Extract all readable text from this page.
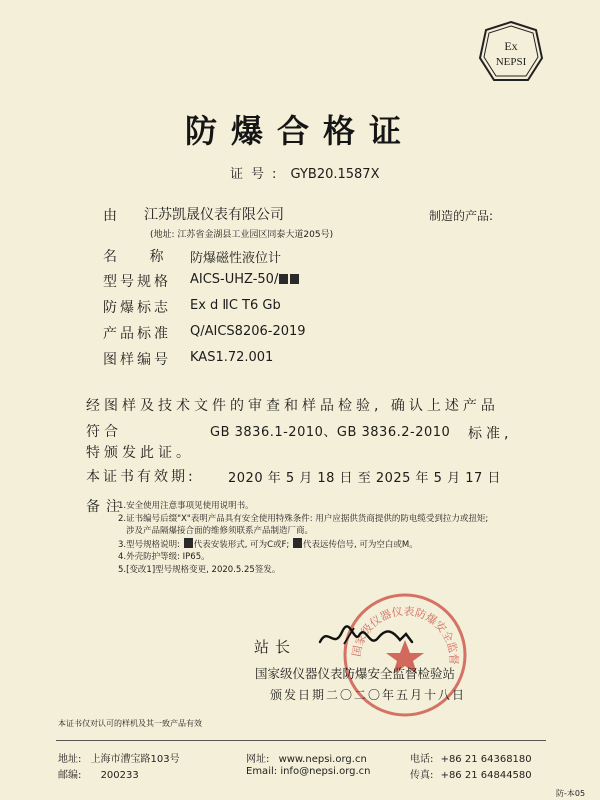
Ex
NEPSI
防爆合格证
证号: GYB20.1587X
由 江苏凯晟仪表有限公司	制造的产品:
(地址: 江苏省金湖县工业园区同泰大道205号)
名 称 防爆磁性液位计
型号规格 AICS-UHZ-50/
防爆标志 Ex d ⅡC T6 Gb
产品标准 Q/AICS8206-2019
图样编号 KAS1.72.001
经图样及技术文件的审查和样品检验, 确认上述产品
符合	GB 3836.1-2010、GB 3836.2-2010 标准,
特颁发此证。
本证书有效期: 2020 年 5 月 18 日 至 2025 年 5 月 17 日
备注
1.安全使用注意事项见使用说明书。
2.证书编号后缀"X"表明产品具有安全使用特殊条件: 用户应据供货商提供的防电缆受到拉力或扭矩;
涉及产品隔爆接合面的维修须联系产品制造厂商。
3.型号规格说明: 代表安装形式, 可为C或F; 代表远传信号, 可为空白或M。
4.外壳防护等级: IP65。
5.[变改1]型号规格变更, 2020.5.25签发。
国家级仪器仪表防爆安全监督
站长
国家级仪器仪表防爆安全监督检验站
颁发日期二〇二〇年五月十八日
本证书仅对认可的样机及其一致产品有效
防-本05
地址: 上海市漕宝路103号
邮编: 200233
网址: www.nepsi.org.cn
Email: info@nepsi.org.cn
电话: +86 21 64368180
传真: +86 21 64844580
